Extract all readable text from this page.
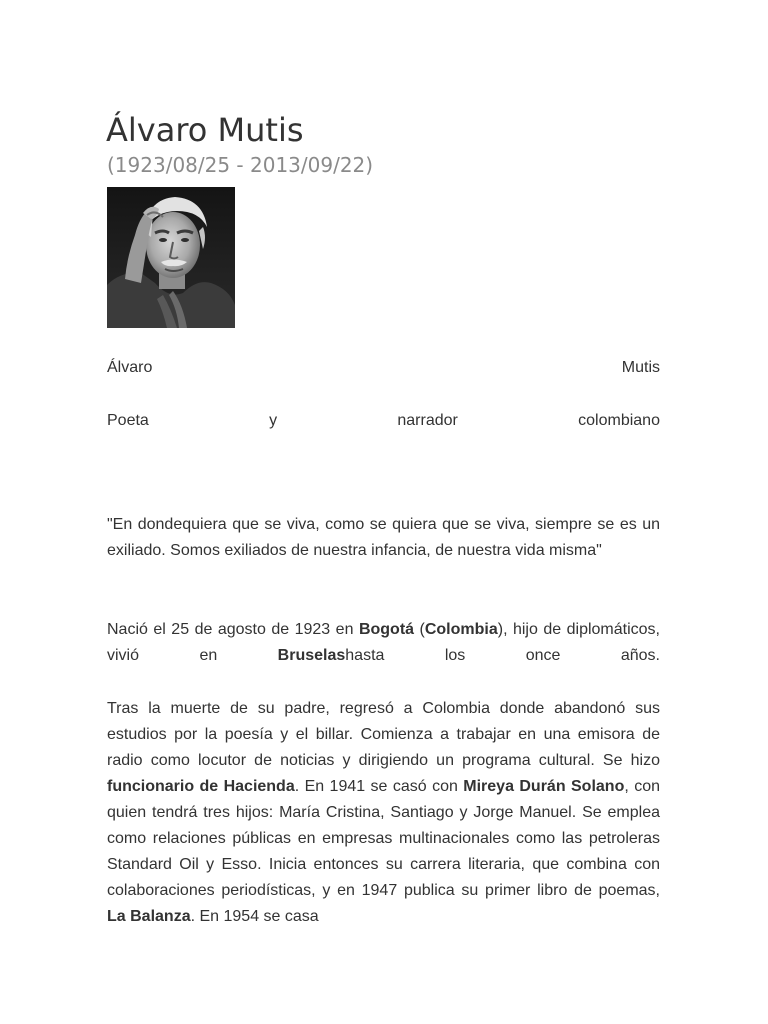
Álvaro Mutis
(1923/08/25 - 2013/09/22)
Álvaro	Mutis
Poeta	y	narrador	colombiano

"En dondequiera que se viva, como se quiera que se viva, siempre se es un exiliado. Somos exiliados de nuestra infancia, de nuestra vida misma"

Nació el 25 de agosto de 1923 en Bogotá (Colombia), hijo de diplomáticos, vivió en Bruselashasta los once años.

Tras la muerte de su padre, regresó a Colombia donde abandonó sus estudios por la poesía y el billar. Comienza a trabajar en una emisora de radio como locutor de noticias y dirigiendo un programa cultural. Se hizo funcionario de Hacienda. En 1941 se casó con Mireya Durán Solano, con quien tendrá tres hijos: María Cristina, Santiago y Jorge Manuel. Se emplea como relaciones públicas en empresas multinacionales como las petroleras Standard Oil y Esso. Inicia entonces su carrera literaria, que combina con colaboraciones periodísticas, y en 1947 publica su primer libro de poemas, La Balanza. En 1954 se casa
